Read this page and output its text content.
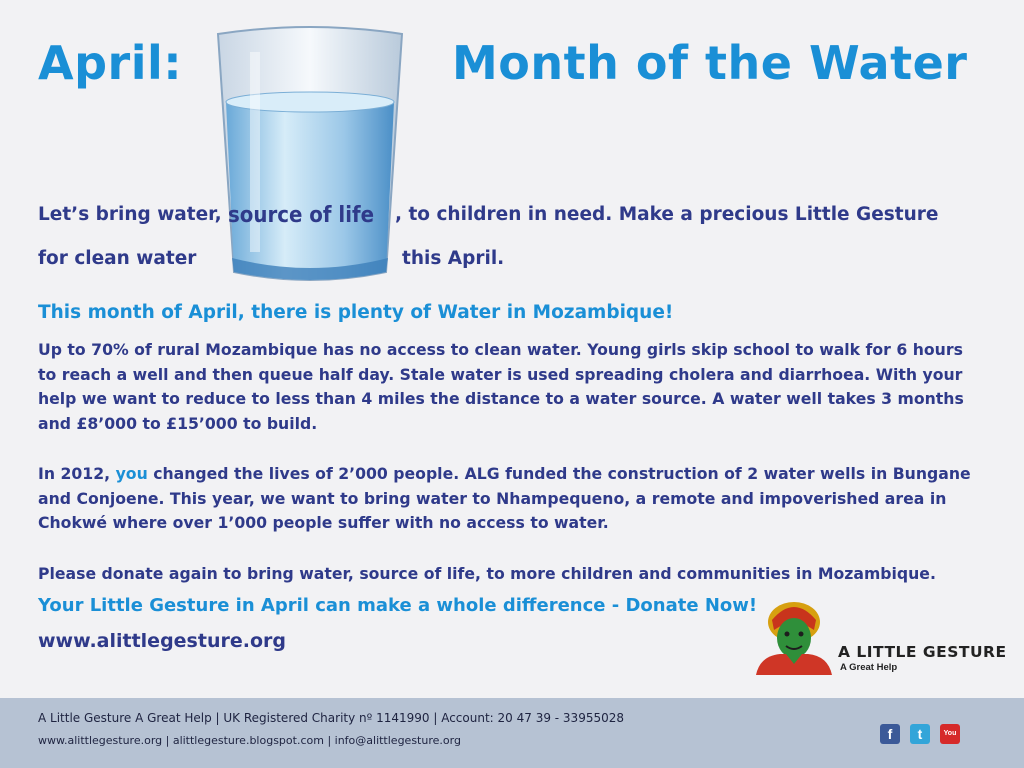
April:	Month of the Water
Let’s bring water, source of life , to children in need. Make a precious Little Gesture
for clean water	this April.
This month of April, there is plenty of Water in Mozambique!
Up to 70% of rural Mozambique has no access to clean water. Young girls skip school to walk for 6 hours to reach a well and then queue half day. Stale water is used spreading cholera and diarrhoea. With your help we want to reduce to less than 4 miles the distance to a water source. A water well takes 3 months and £8’000 to £15’000 to build.
In 2012, you changed the lives of 2’000 people. ALG funded the construction of 2 water wells in Bungane and Conjoene. This year, we want to bring water to Nhampequeno, a remote and impoverished area in Chokwé where over 1’000 people suffer with no access to water.
Please donate again to bring water, source of life, to more children and communities in Mozambique.
Your Little Gesture in April can make a whole difference - Donate Now!
www.alittlegesture.org	A LITTLE GESTURE
A Great Help
A Little Gesture A Great Help | UK Registered Charity nº 1141990 | Account: 20 47 39 - 33955028
www.alittlegesture.org | alittlegesture.blogspot.com | info@alittlegesture.org	f	t	You
